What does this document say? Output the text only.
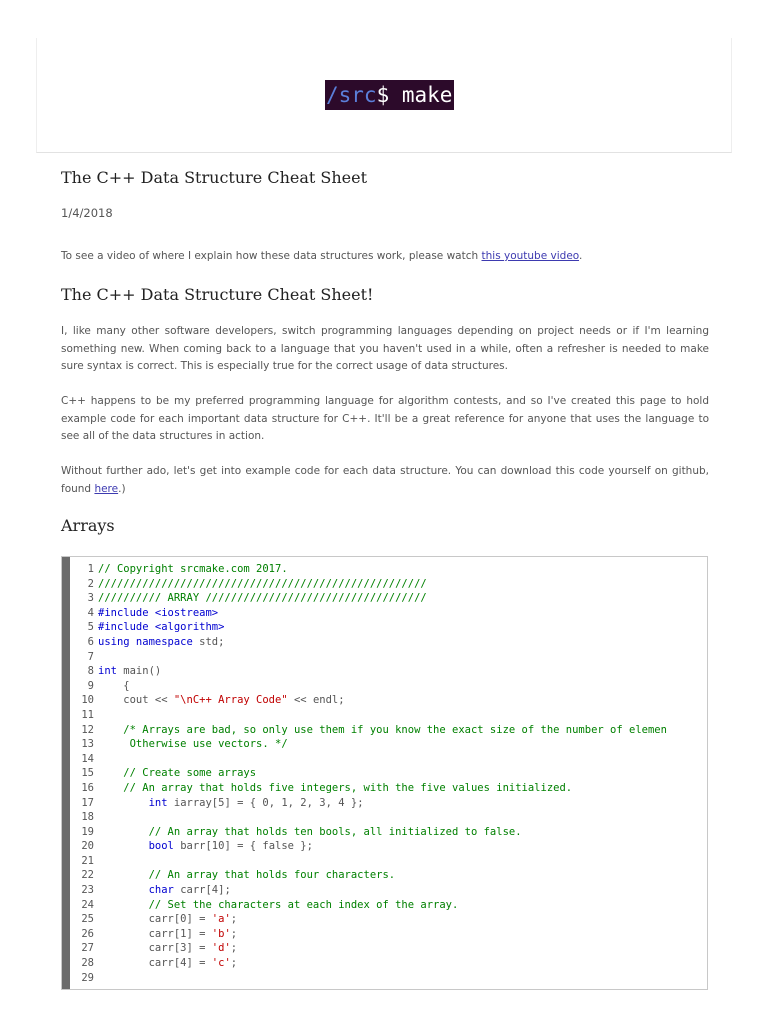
/src$ make
The C++ Data Structure Cheat Sheet
1/4/2018

To see a video of where I explain how these data structures work, please watch this youtube video.

The C++ Data Structure Cheat Sheet!

I, like many other software developers, switch programming languages depending on project needs or if I'm learning something new. When coming back to a language that you haven't used in a while, often a refresher is needed to make sure syntax is correct. This is especially true for the correct usage of data structures.

C++ happens to be my preferred programming language for algorithm contests, and so I've created this page to hold example code for each important data structure for C++. It'll be a great reference for anyone that uses the language to see all of the data structures in action.

Without further ado, let's get into example code for each data structure. You can download this code yourself on github, found here.)

Arrays
1 // Copyright srcmake.com 2017.
2 ////////////////////////////////////////////////////
3 ////////// ARRAY ///////////////////////////////////
4 #include <iostream>
5 #include <algorithm>
6 using namespace std;
7
8 int main()
9 {
10 cout << "\nC++ Array Code" << endl;
11
12 /* Arrays are bad, so only use them if you know the exact size of the number of elemen
13 Otherwise use vectors. */
14
15 // Create some arrays
16 // An array that holds five integers, with the five values initialized.
17	int iarray[5] = { 0, 1, 2, 3, 4 };
18
19 // An array that holds ten bools, all initialized to false.
20	bool barr[10] = { false };
21
22 // An array that holds four characters.
23	char carr[4];
24 // Set the characters at each index of the array.
25 carr[0] = 'a';
26 carr[1] = 'b';
27 carr[3] = 'd';
28 carr[4] = 'c';
29
